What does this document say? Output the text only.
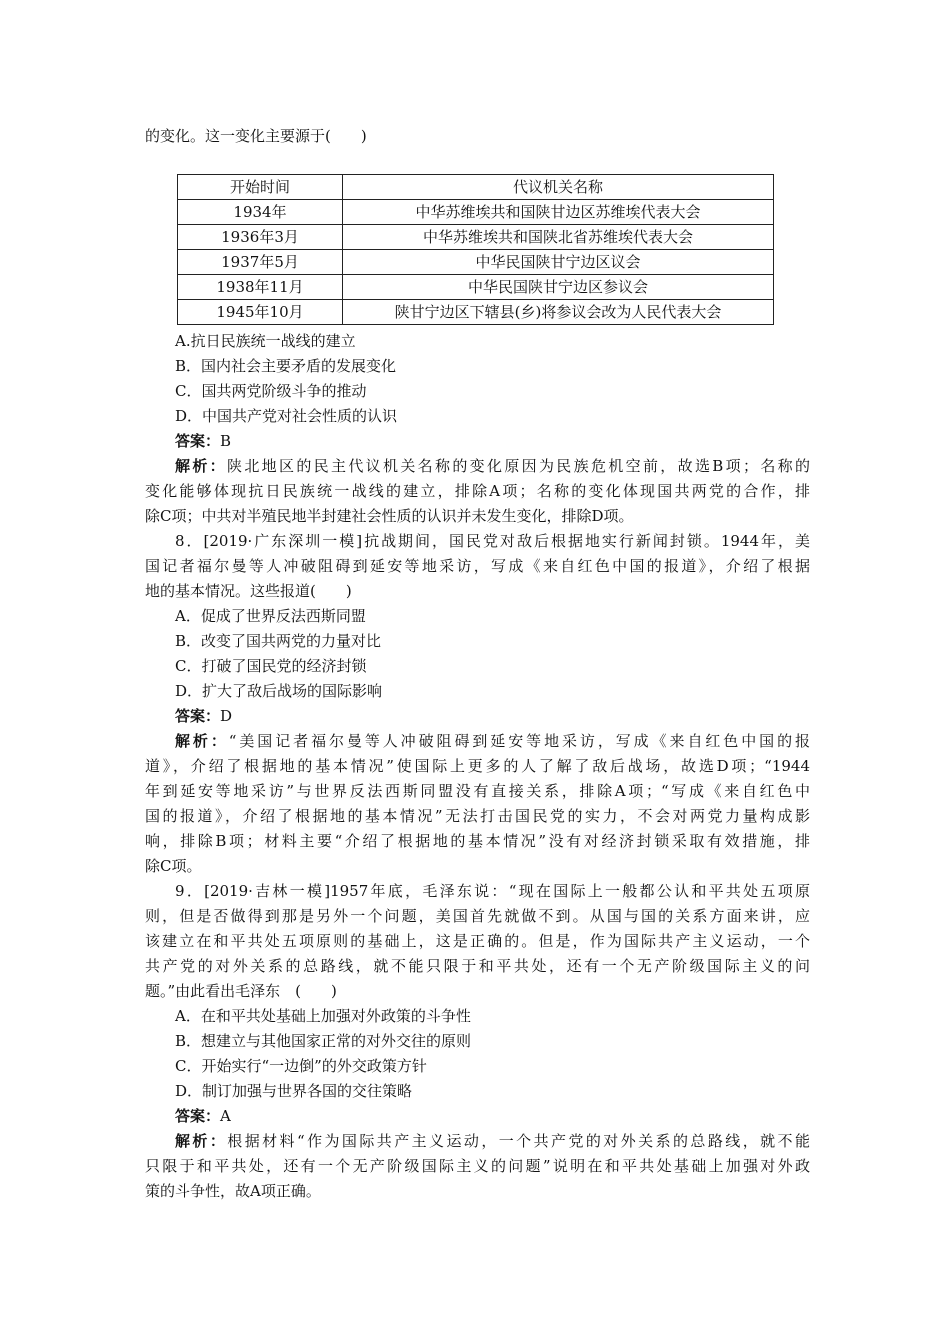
的变化。这一变化主要源于(　　)
开始时间	代议机关名称
1934年	中华苏维埃共和国陕甘边区苏维埃代表大会
1936年3月	中华苏维埃共和国陕北省苏维埃代表大会
1937年5月	中华民国陕甘宁边区议会
1938年11月	中华民国陕甘宁边区参议会
1945年10月	陕甘宁边区下辖县(乡)将参议会改为人民代表大会
A.抗日民族统一战线的建立
B．国内社会主要矛盾的发展变化
C．国共两党阶级斗争的推动
D．中国共产党对社会性质的认识
答案：B
解析：陕北地区的民主代议机关名称的变化原因为民族危机空前，故选B项；名称的
变化能够体现抗日民族统一战线的建立，排除A项；名称的变化体现国共两党的合作，排
除C项；中共对半殖民地半封建社会性质的认识并未发生变化，排除D项。
8．[2019·广东深圳一模]抗战期间，国民党对敌后根据地实行新闻封锁。1944年，美
国记者福尔曼等人冲破阻碍到延安等地采访，写成《来自红色中国的报道》，介绍了根据
地的基本情况。这些报道(　　)
A．促成了世界反法西斯同盟
B．改变了国共两党的力量对比
C．打破了国民党的经济封锁
D．扩大了敌后战场的国际影响
答案：D
解析：“美国记者福尔曼等人冲破阻碍到延安等地采访，写成《来自红色中国的报
道》，介绍了根据地的基本情况”使国际上更多的人了解了敌后战场，故选D项；“1944
年到延安等地采访”与世界反法西斯同盟没有直接关系，排除A项；“写成《来自红色中
国的报道》，介绍了根据地的基本情况”无法打击国民党的实力，不会对两党力量构成影
响，排除B项；材料主要“介绍了根据地的基本情况”没有对经济封锁采取有效措施，排
除C项。
9．[2019·吉林一模]1957年底，毛泽东说：“现在国际上一般都公认和平共处五项原
则，但是否做得到那是另外一个问题，美国首先就做不到。从国与国的关系方面来讲，应
该建立在和平共处五项原则的基础上，这是正确的。但是，作为国际共产主义运动，一个
共产党的对外关系的总路线，就不能只限于和平共处，还有一个无产阶级国际主义的问
题。”由此看出毛泽东　(　　)
A．在和平共处基础上加强对外政策的斗争性
B．想建立与其他国家正常的对外交往的原则
C．开始实行“一边倒”的外交政策方针
D．制订加强与世界各国的交往策略
答案：A
解析：根据材料“作为国际共产主义运动，一个共产党的对外关系的总路线，就不能
只限于和平共处，还有一个无产阶级国际主义的问题”说明在和平共处基础上加强对外政
策的斗争性，故A项正确。
